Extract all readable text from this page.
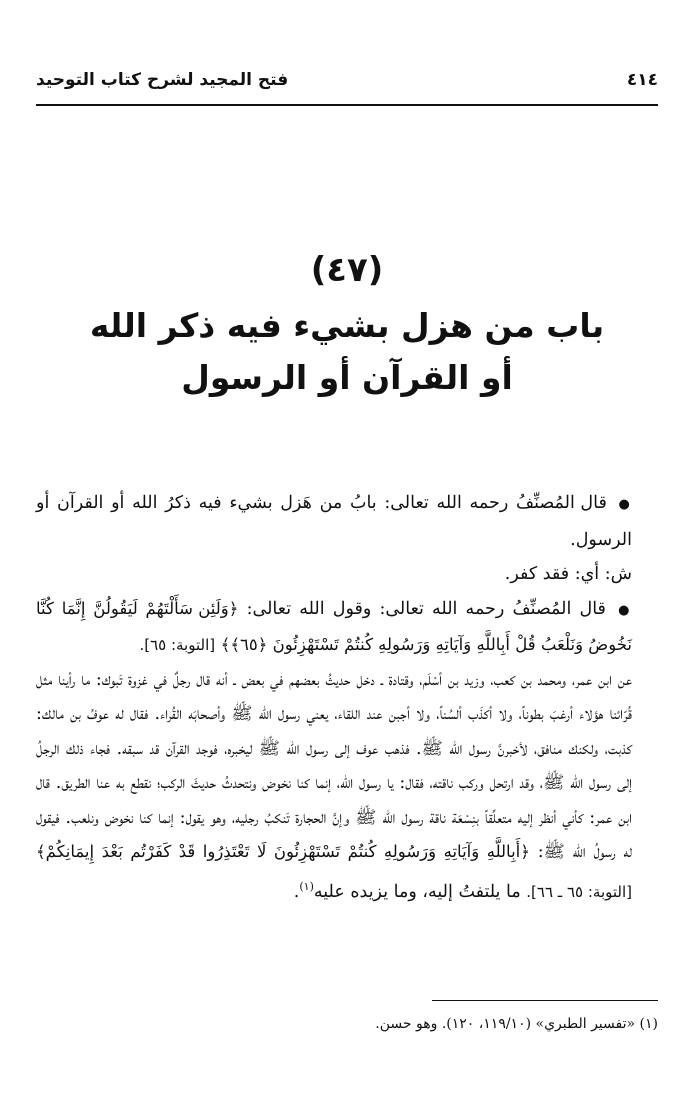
٤١٤
فتح المجيد لشرح كتاب التوحيد
(٤٧)
باب من هزل بشيء فيه ذكر الله
أو القرآن أو الرسول

● قال المُصنِّفُ رحمه الله تعالى: بابُ من هَزل بشيء فيه ذكرُ الله أو القرآن أو الرسول.

ش: أي: فقد كفر.

● قال المُصنِّفُ رحمه الله تعالى: وقول الله تعالى: ﴿وَلَئِن سَأَلْتَهُمْ لَيَقُولُنَّ إِنَّمَا كُنَّا نَخُوضُ وَنَلْعَبُ قُلْ أَبِاللَّهِ وَآيَاتِهِ وَرَسُولِهِ كُنتُمْ تَسْتَهْزِئُونَ ﴿٦٥﴾﴾ [التوبة: ٦٥].

عن ابن عمر، ومحمد بن كعب، وزيد بن أسْلَم، وقتادة ـ دخل حديثُ بعضهم في بعض ـ أنه قال رجلٌ في غزوة تَبوك: ما رأينا مثل قُرّائنا هؤلاء أرغبَ بطوناً، ولا أكذَب ألسُناً، ولا أجبن عند اللقاء، يعني رسول الله ﷺ وأصحابَه القُراء. فقال له عوفُ بن مالك: كذبت، ولكنك منافق، لأخبرنَّ رسول الله ﷺ. فذهب عوف إلى رسول الله ﷺ ليخبره، فوجد القرآن قد سبقه. فجاء ذلك الرجلُ إلى رسول الله ﷺ، وقد ارتحل وركب ناقته، فقال: يا رسول الله، إنما كنا نخوض ونتحدثُ حديثَ الركب؛ نقطع به عنا الطريق. قال ابن عمر: كأني أنظر إليه متعلِّقاً بنِسْعَة ناقة رسول الله ﷺ وإنَّ الحجارة تَنكبُ رجليه، وهو يقول: إنما كنا نخوض ونلعب. فيقول له رسولُ الله ﷺ: ﴿أَبِاللَّهِ وَآيَاتِهِ وَرَسُولِهِ كُنتُمْ تَسْتَهْزِئُونَ لَا تَعْتَذِرُوا قَدْ كَفَرْتُم بَعْدَ إِيمَانِكُمْ﴾ [التوبة: ٦٥ ـ ٦٦]. ما يلتفتُ إليه، وما يزيده عليه$^{(١)}$.

(١) «تفسير الطبري» (١١٩/١٠، ١٢٠). وهو حسن.
